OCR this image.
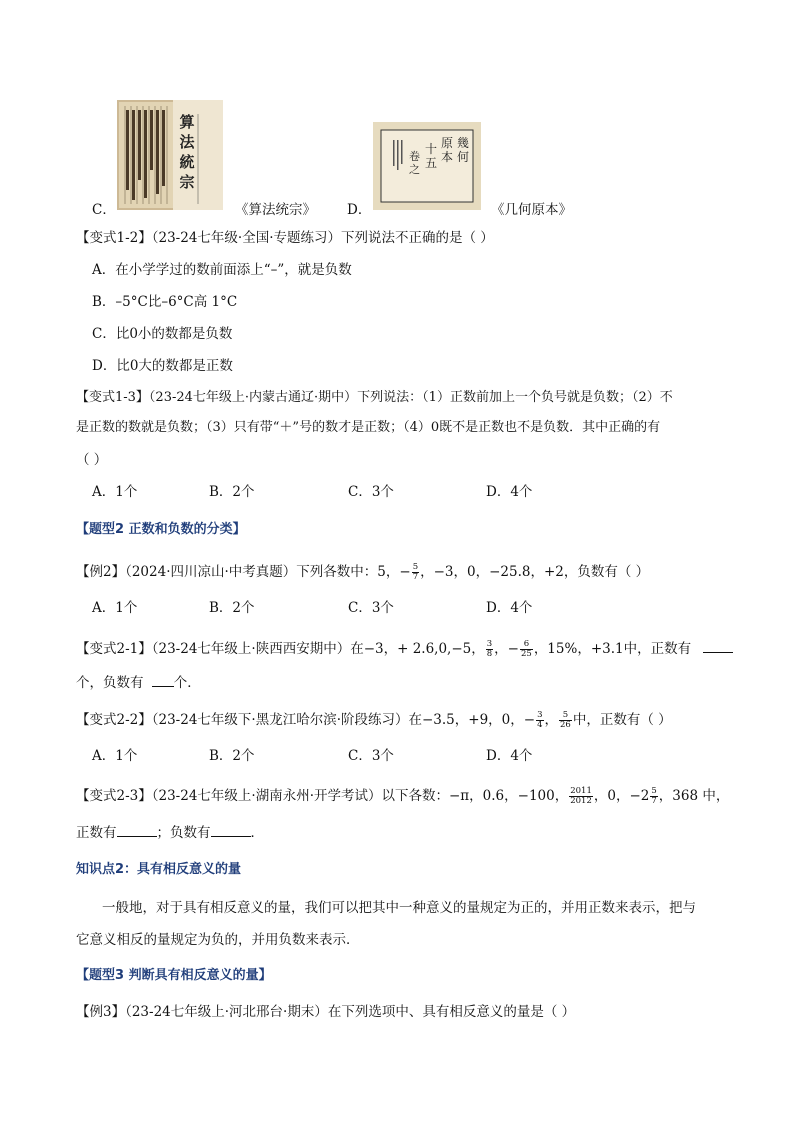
算法統宗
C．	《算法统宗》
幾何
原本
十五
卷之
D．	《几何原本》
【变式1-2】（23-24七年级·全国·专题练习）下列说法不正确的是（ ）
A．在小学学过的数前面添上“–”，就是负数
B．–5°C比–6°C高 1°C
C．比0小的数都是负数
D．比0大的数都是正数
【变式1-3】（23-24七年级上·内蒙古通辽·期中）下列说法：（1）正数前加上一个负号就是负数；（2）不
是正数的数就是负数；（3）只有带“＋”号的数才是正数；（4）0既不是正数也不是负数．其中正确的有
（ ）
A．1个	B．2个	C．3个	D．4个
【题型2 正数和负数的分类】
【例2】（2024·四川凉山·中考真题）下列各数中：5，− $\frac{5}{7}$ ，−3，0，−25.8，+2，负数有（ ）
A．1个	B．2个	C．3个	D．4个
【变式2-1】（23-24七年级上·陕西西安期中）在−3，+ 2.6,0,−5， $\frac{3}{8}$ ，− $\frac{6}{25}$ ，15%，+3.1中，正数有
个，负数有 个．
【变式2-2】（23-24七年级下·黑龙江哈尔滨·阶段练习）在−3.5，+9，0，− $\frac{3}{4}$ ， $\frac{5}{26}$ 中，正数有（ ）
A．1个	B．2个	C．3个	D．4个
【变式2-3】（23-24七年级上·湖南永州·开学考试）以下各数：−π，0.6，−100， $\frac{2011}{2012}$ ，0，$-2 \frac{5}{7}$ ，368 中，
正数有	；负数有	．
知识点2：具有相反意义的量
一般地，对于具有相反意义的量，我们可以把其中一种意义的量规定为正的，并用正数来表示，把与
它意义相反的量规定为负的，并用负数来表示．
【题型3 判断具有相反意义的量】
【例3】（23-24七年级上·河北邢台·期末）在下列选项中、具有相反意义的量是（ ）
